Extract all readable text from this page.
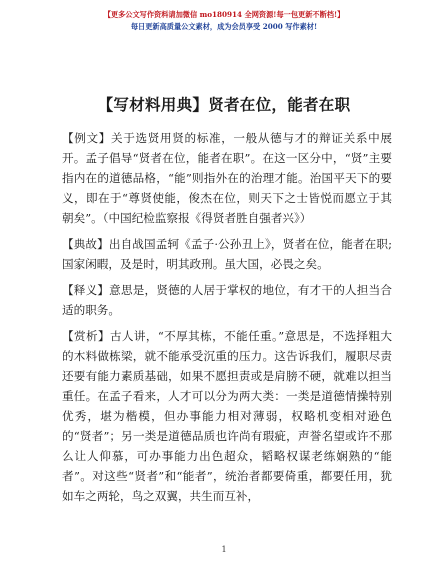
【更多公文写作资料请加微信 mo180914 全网资源!每一包更新不断档!】
每日更新高质量公文素材，成为会员享受 2000 写作素材!
【写材料用典】贤者在位，能者在职

【例文】关于选贤用贤的标准，一般从德与才的辩证关系中展开。孟子倡导“贤者在位，能者在职”。在这一区分中，“贤”主要指内在的道德品格，“能”则指外在的治理才能。治国平天下的要义，即在于“尊贤使能，俊杰在位，则天下之士皆悦而愿立于其朝矣”。（中国纪检监察报《得贤者胜自强者兴》）

【典故】出自战国孟轲《孟子·公孙丑上》，贤者在位，能者在职;国家闲暇，及是时，明其政刑。虽大国，必畏之矣。

【释义】意思是，贤德的人居于掌权的地位，有才干的人担当合适的职务。

【赏析】古人讲，“不厚其栋，不能任重。”意思是，不选择粗大的木料做栋梁，就不能承受沉重的压力。这告诉我们，履职尽责还要有能力素质基础，如果不愿担责或是肩膀不硬，就难以担当重任。在孟子看来，人才可以分为两大类：一类是道德情操特别优秀，堪为楷模，但办事能力相对薄弱，权略机变相对逊色的“贤者”；另一类是道德品质也许尚有瑕疵，声誉名望或许不那么让人仰慕，可办事能力出色超众，韬略权谋老练娴熟的“能者”。对这些“贤者”和“能者”，统治者都要倚重，都要任用，犹如车之两轮，鸟之双翼，共生而互补，

1
